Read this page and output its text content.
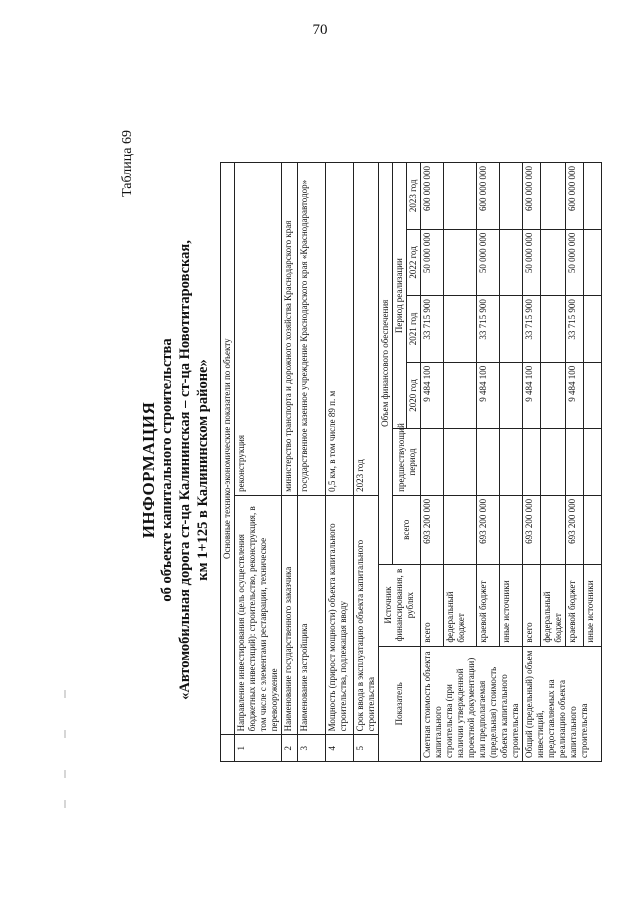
70
Таблица 69
ИНФОРМАЦИЯ об объекте капитального строительства «Автомобильная дорога ст-ца Калининская – ст-ца Новотитаровская, км 1+125 в Калининском районе»
	Основные технико-экономические показатели по объекту							
1	Направление инвестирования (цель осуществления бюджетных инвестиций): строительство, реконструкция, в том числе с элементами реставрации, техническое перевооружение			реконструкция				
2	Наименование государственного заказчика			министерство транспорта и дорожного хозяйства Краснодарского края				
3	Наименование застройщика			государственное казенное учреждение Краснодарского края «Краснодаравтодор»				
4	Мощность (прирост мощности) объекта капитального строительства, подлежащая вводу			0,5 км, в том числе 89 п. м				
5	Срок ввода в эксплуатацию объекта капитального строительства			2023 год				
Показатель		Источник финансирования, в рублях	Объем финансового обеспечения					
			всего	предшествующий период	Период реализации			
					2020 год	2021 год	2022 год	2023 год
Сметная стоимость объекта капитального строительства (при наличии утвержденной проектной документации) или предполагаемая (предельная) стоимость объекта капитального строительства		всего	693 200 000		9 484 100	33 715 900	50 000 000	600 000 000
		федеральный бюджет						
		краевой бюджет	693 200 000		9 484 100	33 715 900	50 000 000	600 000 000
		иные источники						
Общий (предельный) объем инвестиций, предоставляемых на реализацию объекта капитального строительства		всего	693 200 000		9 484 100	33 715 900	50 000 000	600 000 000
		федеральный бюджет						
		краевой бюджет	693 200 000		9 484 100	33 715 900	50 000 000	600 000 000
		иные источники						
